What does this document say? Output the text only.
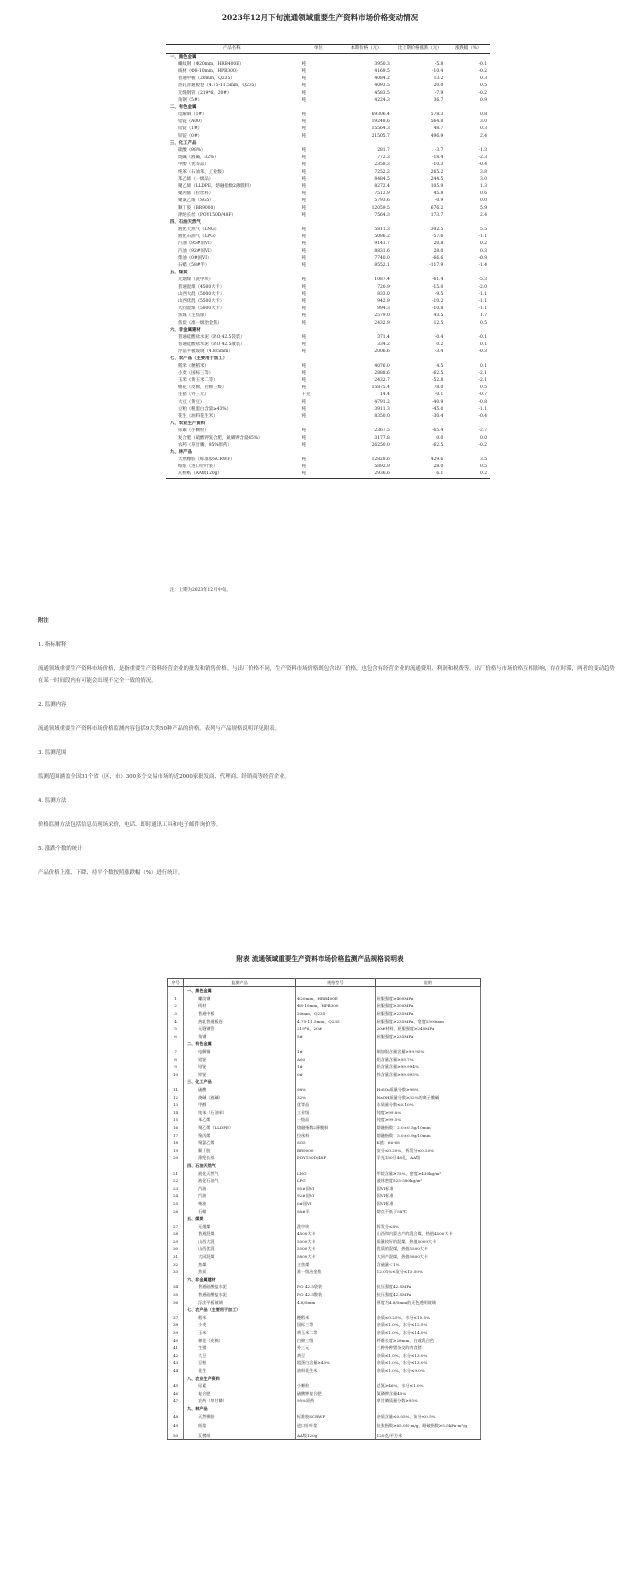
2023年12月下旬流通领域重要生产资料市场价格变动情况
产品名称	单位	本期价格（元）	比上期价格涨跌（元）	涨跌幅（%）
一、黑色金属				
螺纹钢（Φ20mm，HRB400E）	吨	3950.3	-5.8	-0.1
线材（Φ8-10mm，HPB300）	吨	4169.5	-10.4	-0.2
普通中板（20mm，Q235）	吨	4084.2	13.2	0.3
热轧普通板卷（4.75-11.5mm，Q235）	吨	4093.5	20.0	0.5
无缝钢管（219*6，20#）	吨	4583.5	-7.9	-0.2
角钢（5#）	吨	4224.3	36.7	0.9
二、有色金属				
电解铜（1#）	吨	69306.4	578.3	0.8
铝锭（A00）	吨	19248.6	564.8	3.0
铅锭（1#）	吨	15564.3	48.7	0.3
锌锭（0#）	吨	21505.7	496.9	2.4
三、化工产品				
硫酸（98%）	吨	281.7	-3.7	-1.3
烧碱（液碱，32%）	吨	772.3	-18.4	-2.3
甲醇（优等品）	吨	2358.3	-10.3	-0.4
纯苯（石油苯，工业级）	吨	7252.3	265.2	3.8
苯乙烯（一级品）	吨	8484.5	244.5	3.0
聚乙烯（LLDPE，熔融指数2薄膜料）	吨	8272.4	105.9	1.3
聚丙烯（拉丝料）	吨	7512.9	45.8	0.6
聚氯乙烯（SG5）	吨	5793.6	-0.9	0.0
顺丁胶（BR9000）	吨	12059.5	676.2	5.9
涤纶长丝（POY150D/48F）	吨	7564.3	173.7	2.4
四、石油天然气				
液化天然气（LNG）	吨	5811.3	302.5	5.5
液化石油气（LPG）	吨	5086.2	-57.6	-1.1
汽油（95#国VI）	吨	9141.7	20.8	0.2
汽油（92#国VI）	吨	8831.6	28.0	0.3
柴油（0#国VI）	吨	7740.0	-66.6	-0.9
石蜡（58#半）	吨	8552.1	-117.9	-1.4
五、煤炭				
无烟煤（洗中块）	吨	1087.4	-61.4	-5.3
普通混煤（4500大卡）	吨	720.9	-15.0	-2.0
山西大混（5000大卡）	吨	833.0	-9.5	-1.1
山西优混（5500大卡）	吨	942.9	-10.2	-1.1
大同混煤（5800大卡）	吨	994.3	-10.8	-1.1
焦煤（主焦煤）	吨	2579.0	43.5	1.7
焦炭（准一级冶金焦）	吨	2432.9	12.5	0.5
六、非金属建材				
普通硅酸盐水泥（P.O 42.5袋装）	吨	371.4	-0.4	-0.1
普通硅酸盐水泥（P.O 42.5散装）	吨	334.2	0.2	0.1
浮法平板玻璃（4.8/5mm）	吨	2006.6	-3.4	-0.3
七、农产品（主要用于加工）				
稻米（粳稻米）	吨	4076.0	4.5	0.1
小麦（国标三等）	吨	2888.6	-62.5	-2.1
玉米（黄玉米二等）	吨	2432.7	-52.8	-2.1
棉花（皮棉，白棉三级）	吨	15875.4	78.0	0.5
生猪（外三元）	千克	14.4	-0.1	-0.7
大豆（黄豆）	吨	4791.2	-40.9	-0.8
豆粕（粗蛋白含量≥43%）	吨	3911.3	-45.0	-1.1
花生（油料花生米）	吨	8350.0	-30.4	-0.4
八、农业生产资料				
尿素（小颗粒）	吨	2367.5	-65.4	-2.7
复合肥（硫酸钾复合肥，氮磷钾含量45%）	吨	3177.8	0.0	0.0
农药（草甘膦，95%原药）	吨	26250.0	-62.5	-0.2
九、林产品				
天然橡胶（标准胶SCRWF）	吨	12828.6	429.6	3.5
纸浆（进口针叶浆）	吨	5892.9	28.0	0.5
瓦楞纸（AA级120g）	吨	2936.6	6.1	0.2
注：上期为2023年12月中旬。

附注

1. 指标解释

流通领域重要生产资料市场价格，是指重要生产资料经营企业的批发和销售价格。与出厂价格不同，生产资料市场价格既包含出厂价格，也包含有经营企业的流通费用、利润和税费等。出厂价格与市场价格互相影响，存在时滞，两者的变动趋势在某一时间段内有可能会出现不完全一致的情况。

2. 监测内容

流通领域重要生产资料市场价格监测内容包括9大类50种产品的价格。表列与产品规格说明详见附表。

3. 监测范围

监测范围涵盖全国31个省（区、市）300多个交易市场的近2000家批发商、代理商、经销商等经营企业。

4. 监测方法

价格监测方法包括信息员现场采价，电话、即时通讯工具和电子邮件询价等。

5. 涨跌个数的统计

产品价格上涨、下降、持平个数按照涨跌幅（%）进行统计。

附表 流通领域重要生产资料市场价格监测产品规格说明表
序号	监测产品	规格型号	说明
	一、黑色金属		
1	螺纹钢	Φ20mm，HRB400E	屈服强度≥400MPa
2	线材	Φ8-10mm，HPB300	屈服强度≥300MPa
3	普通中板	20mm，Q235	屈服强度≥235MPa
4	热轧普通板卷	4.75-11.5mm，Q235	屈服强度≥235MPa，宽度1500mm
5	无缝钢管	219*6，20#	20#材料，屈服强度≥245MPa
6	角钢	5#	屈服强度≥235MPa
	二、有色金属		
7	电解铜	1#	铜加银含量含量≥99.95%
8	铝锭	A00	铝含量含量≥99.7%
9	铅锭	1#	铅含量含量≥99.994%
10	锌锭	0#	锌含量含量≥99.995%
	三、化工产品		
11	硫酸	98%	H₂SO₄质量分数≥98%
12	烧碱（液碱）	32%	NaOH质量分数≥32%的离子膜碱
13	甲醇	优等品	水质量分数≤0.10%
14	纯苯（石油苯）	工业级	纯度≥99.8%
15	苯乙烯	一级品	纯度≥99.5%
16	聚乙烯（LLDPE）	熔融指数2薄膜料	熔融指数：2.0±0.5g/10min
17	聚丙烯	拉丝料	熔融指数：3.0±0.9g/10min
18	聚氯乙烯	SG5	K值：66-68
19	顺丁胶	BR9000	灰分≤0.20%，挥发分≤0.20%
20	涤纶长丝	POY150D/48F	半光150旦48孔，AA级
	四、石油天然气		
21	液化天然气	LNG	甲烷含量≥75%，密度≥430kg/m³
22	液化石油气	LPG	液体密度525-580kg/m³
23	汽油	95#国VI	国VI标准
24	汽油	92#国VI	国VI标准
25	柴油	0#国VI	国VI标准
26	石蜡	58#半	熔点不低于58℃
	五、煤炭		
27	无烟煤	洗中块	挥发分≤8%
28	普通混煤	4500大卡	山西和内蒙古产的混合煤，热值4500大卡
29	山西大混	5000大卡	质量较好的混煤，热值5000大卡
30	山西优混	5500大卡	优质的混煤，热值5500大卡
31	大同混煤	5800大卡	大同产混煤，热值5800大卡
32	焦煤	主焦煤	含硫量＜1%
33	焦炭	准一级冶金焦	12.01%≤灰分≤13.50%
	六、非金属建材		
34	普通硅酸盐水泥	P.O 42.5袋装	抗压强度42.5MPa
35	普通硅酸盐水泥	P.O 42.5散装	抗压强度42.5MPa
36	浮法平板玻璃	4.8/5mm	厚度为4.8/5mm的无色透明玻璃
	七、农产品（主要用于加工）		
37	稻米	粳稻米	杂质≤0.25%，水分≤15.5%
38	小麦	国标三等	杂质≤1.0%，水分≤12.5%
39	玉米	黄玉米二等	杂质≤1.0%，水分≤14.0%
40	棉花（皮棉）	白棉三级	纤维长度≥28mm，白或乳白色
41	生猪	外三元	三种外种猪杂交的肉食猪
42	大豆	黄豆	杂质≤1.0%，水分≤13.0%
43	豆粕	粗蛋白含量≥43%	杂质≤1.0%，水分≤13.0%
44	花生	油料花生米	杂质≤1.0%，水分≤9.0%
	八、农业生产资料		
45	尿素	小颗粒	总氮≥46%，水分≤1.0%
46	复合肥	硫酸钾复合肥	氮磷钾含量45%
47	农药（草甘膦）	95%原药	草甘膦质量分数≥95%
	九、林产品		
48	天然橡胶	标准胶SCRWF	杂质含量≤0.05%，灰分≤0.5%
49	纸浆	进口针叶浆	抗张指数≥65.0N·m/g，耐破指数≥5.5kPa·m²/g
50	瓦楞纸	AA级120g	120克/平方米
